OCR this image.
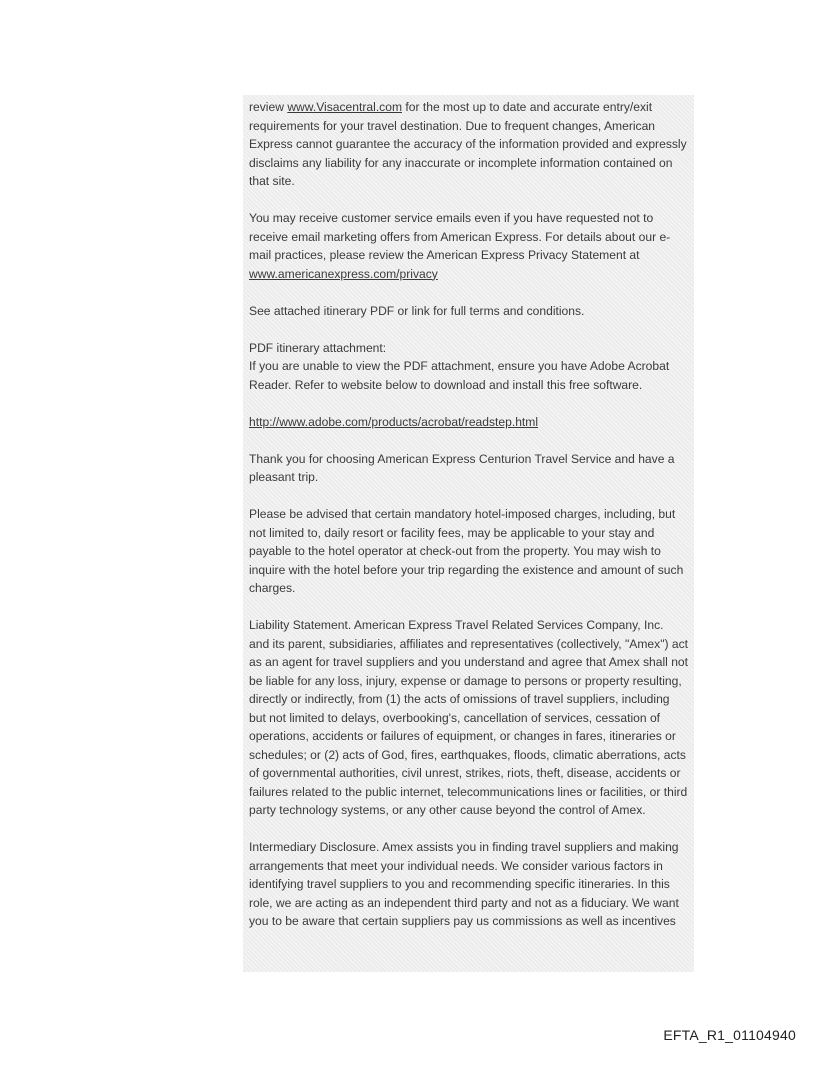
review www.Visacentral.com for the most up to date and accurate entry/exit
requirements for your travel destination. Due to frequent changes, American
Express cannot guarantee the accuracy of the information provided and expressly
disclaims any liability for any inaccurate or incomplete information contained on
that site.

You may receive customer service emails even if you have requested not to
receive email marketing offers from American Express. For details about our e-
mail practices, please review the American Express Privacy Statement at
www.americanexpress.com/privacy

See attached itinerary PDF or link for full terms and conditions.

PDF itinerary attachment:
If you are unable to view the PDF attachment, ensure you have Adobe Acrobat
Reader. Refer to website below to download and install this free software.

http://www.adobe.com/products/acrobat/readstep.html

Thank you for choosing American Express Centurion Travel Service and have a
pleasant trip.

Please be advised that certain mandatory hotel-imposed charges, including, but
not limited to, daily resort or facility fees, may be applicable to your stay and
payable to the hotel operator at check-out from the property. You may wish to
inquire with the hotel before your trip regarding the existence and amount of such
charges.

Liability Statement. American Express Travel Related Services Company, Inc.
and its parent, subsidiaries, affiliates and representatives (collectively, "Amex") act
as an agent for travel suppliers and you understand and agree that Amex shall not
be liable for any loss, injury, expense or damage to persons or property resulting,
directly or indirectly, from (1) the acts of omissions of travel suppliers, including
but not limited to delays, overbooking's, cancellation of services, cessation of
operations, accidents or failures of equipment, or changes in fares, itineraries or
schedules; or (2) acts of God, fires, earthquakes, floods, climatic aberrations, acts
of governmental authorities, civil unrest, strikes, riots, theft, disease, accidents or
failures related to the public internet, telecommunications lines or facilities, or third
party technology systems, or any other cause beyond the control of Amex.

Intermediary Disclosure. Amex assists you in finding travel suppliers and making
arrangements that meet your individual needs. We consider various factors in
identifying travel suppliers to you and recommending specific itineraries. In this
role, we are acting as an independent third party and not as a fiduciary. We want
you to be aware that certain suppliers pay us commissions as well as incentives

EFTA_R1_01104940
